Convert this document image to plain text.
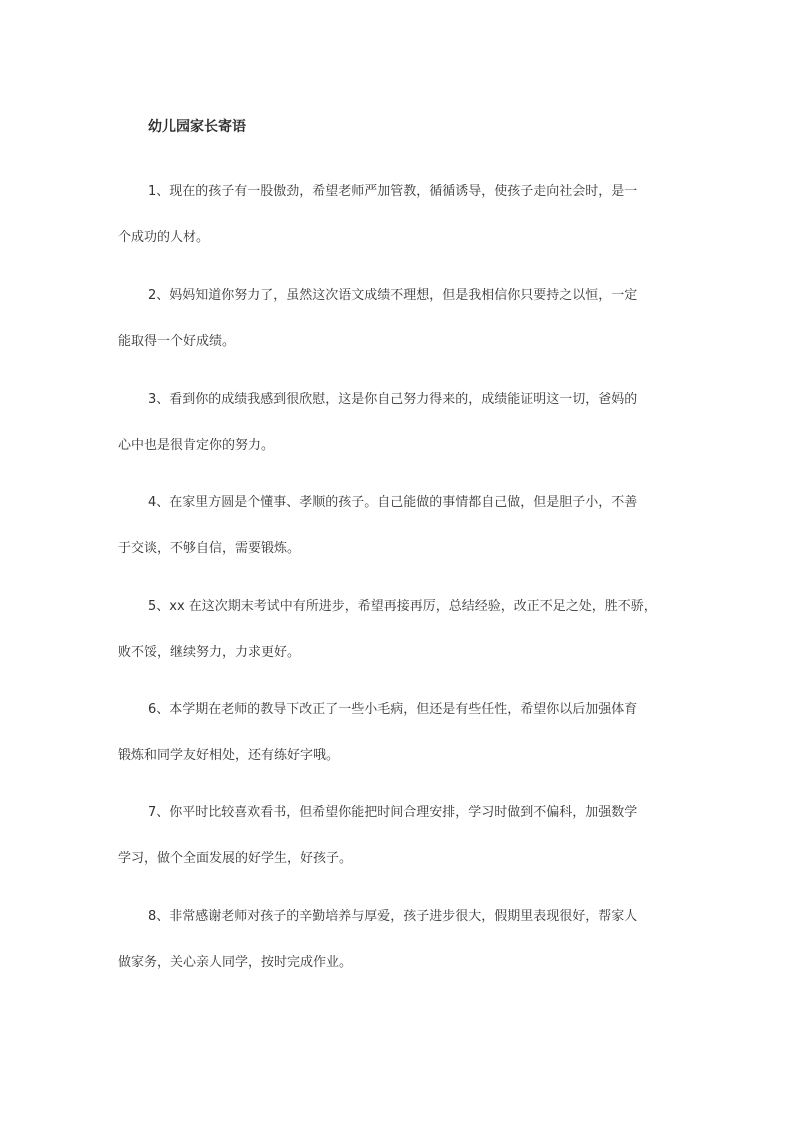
幼儿园家长寄语
1、现在的孩子有一股傲劲，希望老师严加管教，循循诱导，使孩子走向社会时，是一
个成功的人材。
2、妈妈知道你努力了，虽然这次语文成绩不理想，但是我相信你只要持之以恒，一定
能取得一个好成绩。
3、看到你的成绩我感到很欣慰，这是你自己努力得来的，成绩能证明这一切，爸妈的
心中也是很肯定你的努力。
4、在家里方圆是个懂事、孝顺的孩子。自己能做的事情都自己做，但是胆子小，不善
于交谈，不够自信，需要锻炼。
5、xx 在这次期末考试中有所进步，希望再接再厉，总结经验，改正不足之处，胜不骄，
败不馁，继续努力，力求更好。
6、本学期在老师的教导下改正了一些小毛病，但还是有些任性，希望你以后加强体育
锻炼和同学友好相处，还有练好字哦。
7、你平时比较喜欢看书，但希望你能把时间合理安排，学习时做到不偏科，加强数学
学习，做个全面发展的好学生，好孩子。
8、非常感谢老师对孩子的辛勤培养与厚爱，孩子进步很大，假期里表现很好，帮家人
做家务，关心亲人同学，按时完成作业。
